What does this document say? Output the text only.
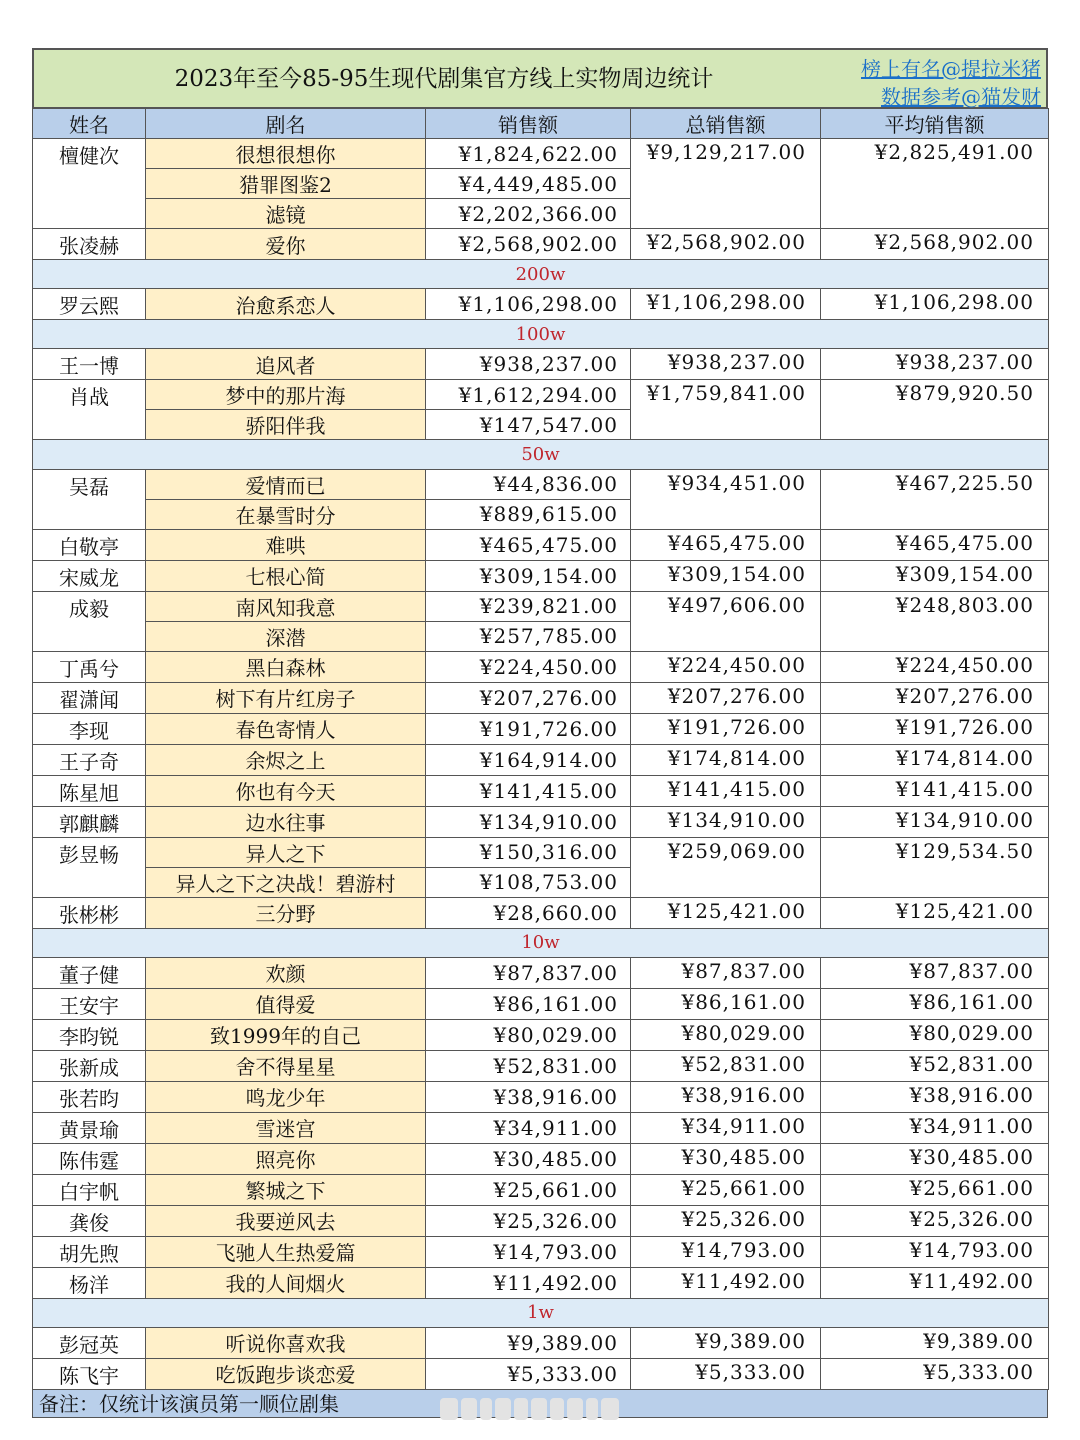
2023年至今85-95生现代剧集官方线上实物周边统计	榜上有名@提拉米猪
数据参考@猫发财
姓名	剧名	销售额	总销售额	平均销售额
檀健次	很想很想你	¥1,824,622.00	¥9,129,217.00	¥2,825,491.00
	猎罪图鉴2	¥4,449,485.00		
	滤镜	¥2,202,366.00		
张凌赫	爱你	¥2,568,902.00	¥2,568,902.00	¥2,568,902.00
200w				
罗云熙	治愈系恋人	¥1,106,298.00	¥1,106,298.00	¥1,106,298.00
100w				
王一博	追风者	¥938,237.00	¥938,237.00	¥938,237.00
肖战	梦中的那片海	¥1,612,294.00	¥1,759,841.00	¥879,920.50
	骄阳伴我	¥147,547.00		
50w				
吴磊	爱情而已	¥44,836.00	¥934,451.00	¥467,225.50
	在暴雪时分	¥889,615.00		
白敬亭	难哄	¥465,475.00	¥465,475.00	¥465,475.00
宋威龙	七根心简	¥309,154.00	¥309,154.00	¥309,154.00
成毅	南风知我意	¥239,821.00	¥497,606.00	¥248,803.00
	深潜	¥257,785.00		
丁禹兮	黑白森林	¥224,450.00	¥224,450.00	¥224,450.00
翟潇闻	树下有片红房子	¥207,276.00	¥207,276.00	¥207,276.00
李现	春色寄情人	¥191,726.00	¥191,726.00	¥191,726.00
王子奇	余烬之上	¥164,914.00	¥174,814.00	¥174,814.00
陈星旭	你也有今天	¥141,415.00	¥141,415.00	¥141,415.00
郭麒麟	边水往事	¥134,910.00	¥134,910.00	¥134,910.00
彭昱畅	异人之下	¥150,316.00	¥259,069.00	¥129,534.50
	异人之下之决战！碧游村	¥108,753.00		
张彬彬	三分野	¥28,660.00	¥125,421.00	¥125,421.00
10w				
董子健	欢颜	¥87,837.00	¥87,837.00	¥87,837.00
王安宇	值得爱	¥86,161.00	¥86,161.00	¥86,161.00
李昀锐	致1999年的自己	¥80,029.00	¥80,029.00	¥80,029.00
张新成	舍不得星星	¥52,831.00	¥52,831.00	¥52,831.00
张若昀	鸣龙少年	¥38,916.00	¥38,916.00	¥38,916.00
黄景瑜	雪迷宫	¥34,911.00	¥34,911.00	¥34,911.00
陈伟霆	照亮你	¥30,485.00	¥30,485.00	¥30,485.00
白宇帆	繁城之下	¥25,661.00	¥25,661.00	¥25,661.00
龚俊	我要逆风去	¥25,326.00	¥25,326.00	¥25,326.00
胡先煦	飞驰人生热爱篇	¥14,793.00	¥14,793.00	¥14,793.00
杨洋	我的人间烟火	¥11,492.00	¥11,492.00	¥11,492.00
1w				
彭冠英	听说你喜欢我	¥9,389.00	¥9,389.00	¥9,389.00
陈飞宇	吃饭跑步谈恋爱	¥5,333.00	¥5,333.00	¥5,333.00
备注：仅统计该演员第一顺位剧集
